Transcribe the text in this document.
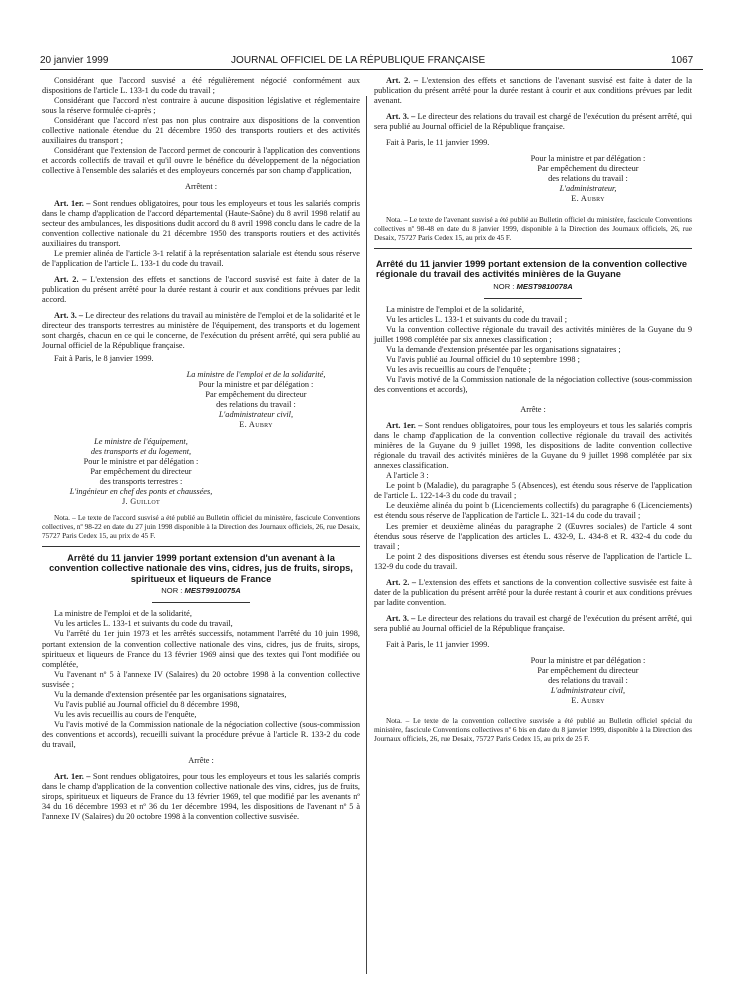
20 janvier 1999	JOURNAL OFFICIEL DE LA RÉPUBLIQUE FRANÇAISE	1067

Considérant que l'accord susvisé a été régulièrement négocié conformément aux dispositions de l'article L. 133-1 du code du travail ;

Considérant que l'accord n'est contraire à aucune disposition législative et réglementaire sous la réserve formulée ci-après ;

Considérant que l'accord n'est pas non plus contraire aux dispositions de la convention collective nationale étendue du 21 décembre 1950 des transports routiers et des activités auxiliaires du transport ;

Considérant que l'extension de l'accord permet de concourir à l'application des conventions et accords collectifs de travail et qu'il ouvre le bénéfice du développement de la négociation collective à l'ensemble des salariés et des employeurs concernés par son champ d'application,

Arrêtent :

Art. 1er. – Sont rendues obligatoires, pour tous les employeurs et tous les salariés compris dans le champ d'application de l'accord départemental (Haute-Saône) du 8 avril 1998 relatif au secteur des ambulances, les dispositions dudit accord du 8 avril 1998 conclu dans le cadre de la convention collective nationale du 21 décembre 1950 des transports routiers et des activités auxiliaires du transport.

Le premier alinéa de l'article 3-1 relatif à la représentation salariale est étendu sous réserve de l'application de l'article L. 133-1 du code du travail.

Art. 2. – L'extension des effets et sanctions de l'accord susvisé est faite à dater de la publication du présent arrêté pour la durée restant à courir et aux conditions prévues par ledit accord.

Art. 3. – Le directeur des relations du travail au ministère de l'emploi et de la solidarité et le directeur des transports terrestres au ministère de l'équipement, des transports et du logement sont chargés, chacun en ce qui le concerne, de l'exécution du présent arrêté, qui sera publié au Journal officiel de la République française.

Fait à Paris, le 8 janvier 1999.

La ministre de l'emploi et de la solidarité,

Pour la ministre et par délégation :

Par empêchement du directeur

des relations du travail :

L'administrateur civil,

E. Aubry

Le ministre de l'équipement,

des transports et du logement,

Pour le ministre et par délégation :

Par empêchement du directeur

des transports terrestres :

L'ingénieur en chef des ponts et chaussées,

J. Guillot

Nota. – Le texte de l'accord susvisé a été publié au Bulletin officiel du ministère, fascicule Conventions collectives, nº 98-22 en date du 27 juin 1998 disponible à la Direction des Journaux officiels, 26, rue Desaix, 75727 Paris Cedex 15, au prix de 45 F.

Arrêté du 11 janvier 1999 portant extension d'un avenant à la convention collective nationale des vins, cidres, jus de fruits, sirops, spiritueux et liqueurs de France

NOR : MEST9910075A

La ministre de l'emploi et de la solidarité,

Vu les articles L. 133-1 et suivants du code du travail,

Vu l'arrêté du 1er juin 1973 et les arrêtés successifs, notamment l'arrêté du 10 juin 1998, portant extension de la convention collective nationale des vins, cidres, jus de fruits, sirops, spiritueux et liqueurs de France du 13 février 1969 ainsi que des textes qui l'ont modifiée ou complétée,

Vu l'avenant nº 5 à l'annexe IV (Salaires) du 20 octobre 1998 à la convention collective susvisée ;

Vu la demande d'extension présentée par les organisations signataires,

Vu l'avis publié au Journal officiel du 8 décembre 1998,

Vu les avis recueillis au cours de l'enquête,

Vu l'avis motivé de la Commission nationale de la négociation collective (sous-commission des conventions et accords), recueilli suivant la procédure prévue à l'article R. 133-2 du code du travail,

Arrête :

Art. 1er. – Sont rendues obligatoires, pour tous les employeurs et tous les salariés compris dans le champ d'application de la convention collective nationale des vins, cidres, jus de fruits, sirops, spiritueux et liqueurs de France du 13 février 1969, tel que modifié par les avenants nº 34 du 16 décembre 1993 et nº 36 du 1er décembre 1994, les dispositions de l'avenant nº 5 à l'annexe IV (Salaires) du 20 octobre 1998 à la convention collective susvisée.

Art. 2. – L'extension des effets et sanctions de l'avenant susvisé est faite à dater de la publication du présent arrêté pour la durée restant à courir et aux conditions prévues par ledit avenant.

Art. 3. – Le directeur des relations du travail est chargé de l'exécution du présent arrêté, qui sera publié au Journal officiel de la République française.

Fait à Paris, le 11 janvier 1999.

Pour la ministre et par délégation :

Par empêchement du directeur

des relations du travail :

L'administrateur,

E. Aubry

Nota. – Le texte de l'avenant susvisé a été publié au Bulletin officiel du ministère, fascicule Conventions collectives nº 98-48 en date du 8 janvier 1999, disponible à la Direction des Journaux officiels, 26, rue Desaix, 75727 Paris Cedex 15, au prix de 45 F.

Arrêté du 11 janvier 1999 portant extension de la convention collective régionale du travail des activités minières de la Guyane

NOR : MEST9810078A

La ministre de l'emploi et de la solidarité,

Vu les articles L. 133-1 et suivants du code du travail ;

Vu la convention collective régionale du travail des activités minières de la Guyane du 9 juillet 1998 complétée par six annexes classification ;

Vu la demande d'extension présentée par les organisations signataires ;

Vu l'avis publié au Journal officiel du 10 septembre 1998 ;

Vu les avis recueillis au cours de l'enquête ;

Vu l'avis motivé de la Commission nationale de la négociation collective (sous-commission des conventions et accords),

Arrête :

Art. 1er. – Sont rendues obligatoires, pour tous les employeurs et tous les salariés compris dans le champ d'application de la convention collective régionale du travail des activités minières de la Guyane du 9 juillet 1998, les dispositions de ladite convention collective régionale du travail des activités minières de la Guyane du 9 juillet 1998 complétée par six annexes classification.

A l'article 3 :

Le point b (Maladie), du paragraphe 5 (Absences), est étendu sous réserve de l'application de l'article L. 122-14-3 du code du travail ;

Le deuxième alinéa du point b (Licenciements collectifs) du paragraphe 6 (Licenciements) est étendu sous réserve de l'application de l'article L. 321-14 du code du travail ;

Les premier et deuxième alinéas du paragraphe 2 (Œuvres sociales) de l'article 4 sont étendus sous réserve de l'application des articles L. 432-9, L. 434-8 et R. 432-4 du code du travail ;

Le point 2 des dispositions diverses est étendu sous réserve de l'application de l'article L. 132-9 du code du travail.

Art. 2. – L'extension des effets et sanctions de la convention collective susvisée est faite à dater de la publication du présent arrêté pour la durée restant à courir et aux conditions prévues par ladite convention.

Art. 3. – Le directeur des relations du travail est chargé de l'exécution du présent arrêté, qui sera publié au Journal officiel de la République française.

Fait à Paris, le 11 janvier 1999.

Pour la ministre et par délégation :

Par empêchement du directeur

des relations du travail :

L'administrateur civil,

E. Aubry

Nota. – Le texte de la convention collective susvisée a été publié au Bulletin officiel spécial du ministère, fascicule Conventions collectives nº 6 bis en date du 8 janvier 1999, disponible à la Direction des Journaux officiels, 26, rue Desaix, 75727 Paris Cedex 15, au prix de 25 F.
